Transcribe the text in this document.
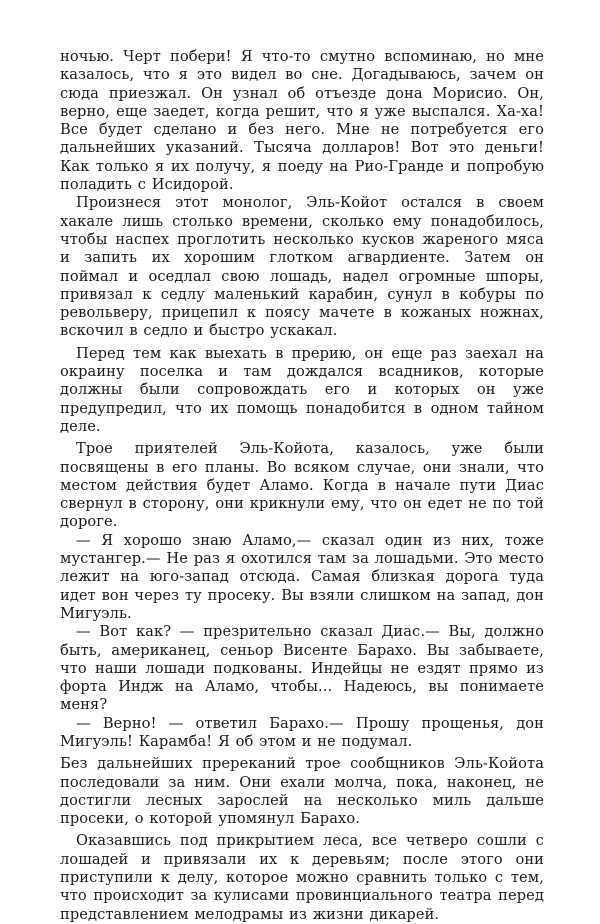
ночью. Черт побери! Я что-то смутно вспоминаю, но мне казалось, что я это видел во сне. Догадываюсь, зачем он сюда приезжал. Он узнал об отъезде дона Морисио. Он, верно, еще заедет, когда решит, что я уже выспался. Ха-ха! Все будет сделано и без него. Мне не потребуется его дальнейших указаний. Тысяча долларов! Вот это деньги! Как только я их получу, я поеду на Рио-Гранде и попробую поладить с Исидорой.

Произнеся этот монолог, Эль-Койот остался в своем хакале лишь столько времени, сколько ему понадобилось, чтобы наспех проглотить несколько кусков жареного мяса и запить их хорошим глотком агвардиенте. Затем он поймал и оседлал свою лошадь, надел огромные шпоры, привязал к седлу маленький карабин, сунул в кобуры по револьверу, прицепил к поясу мачете в кожаных ножнах, вскочил в седло и быстро ускакал.

Перед тем как выехать в прерию, он еще раз заехал на окраину поселка и там дождался всадников, которые должны были сопровождать его и которых он уже предупредил, что их помощь понадобится в одном тайном деле.

Трое приятелей Эль-Койота, казалось, уже были посвящены в его планы. Во всяком случае, они знали, что местом действия будет Аламо. Когда в начале пути Диас свернул в сторону, они крикнули ему, что он едет не по той дороге.

— Я хорошо знаю Аламо,— сказал один из них, тоже мустангер.— Не раз я охотился там за лошадьми. Это место лежит на юго-запад отсюда. Самая близкая дорога туда идет вон через ту просеку. Вы взяли слишком на запад, дон Мигуэль.

— Вот как? — презрительно сказал Диас.— Вы, должно быть, американец, сеньор Висенте Барахо. Вы забываете, что наши лошади подкованы. Индейцы не ездят прямо из форта Индж на Аламо, чтобы... Надеюсь, вы понимаете меня?

— Верно! — ответил Барахо.— Прошу прощенья, дон Мигуэль! Карамба! Я об этом и не подумал.

Без дальнейших пререканий трое сообщников Эль-Койота последовали за ним. Они ехали молча, пока, наконец, не достигли лесных зарослей на несколько миль дальше просеки, о которой упомянул Барахо.

Оказавшись под прикрытием леса, все четверо сошли с лошадей и привязали их к деревьям; после этого они приступили к делу, которое можно сравнить только с тем, что происходит за кулисами провинциального театра перед представлением мелодрамы из жизни дикарей.
